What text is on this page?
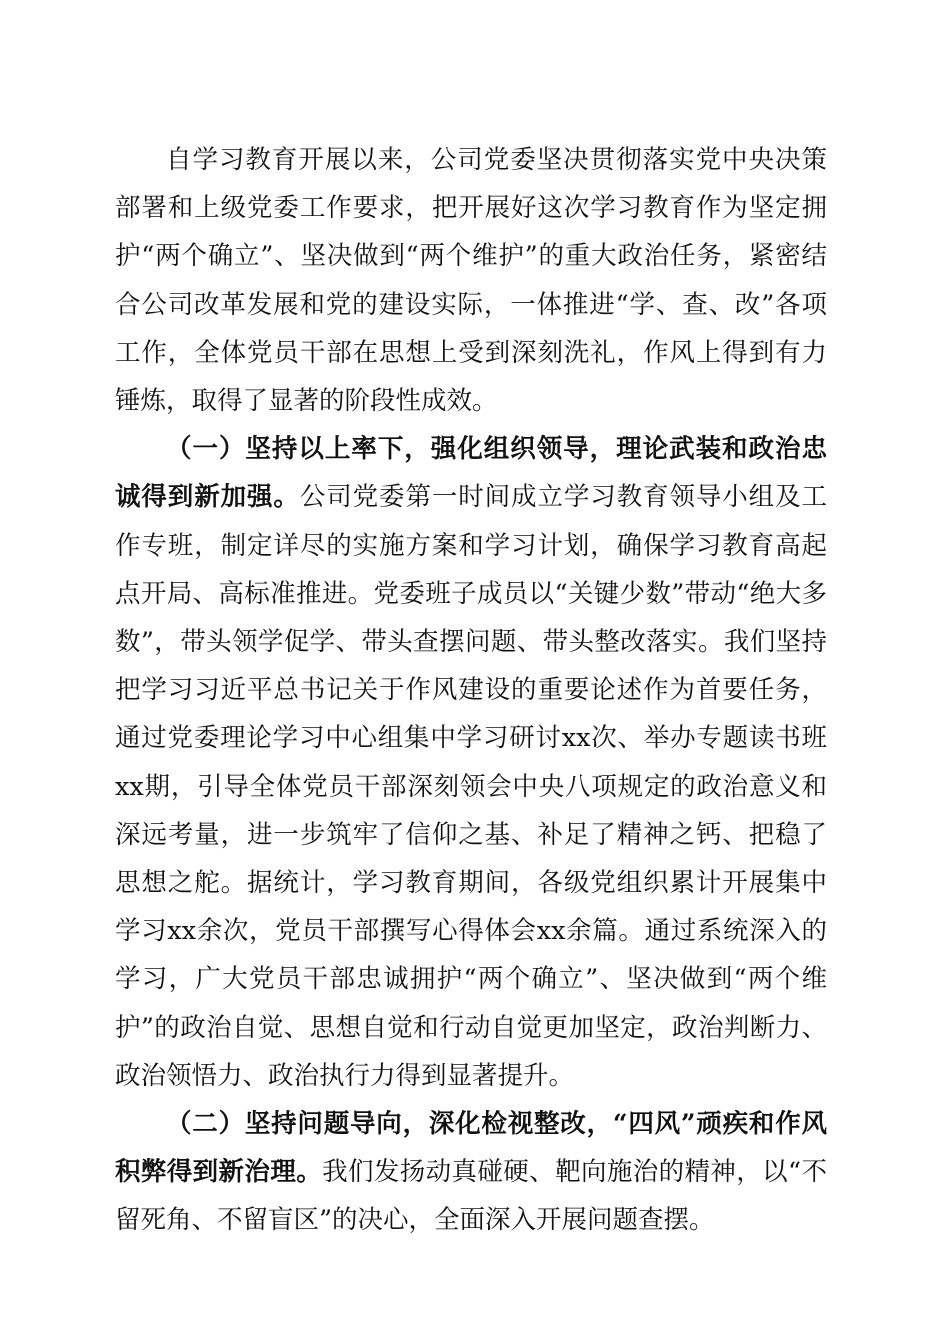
自学习教育开展以来，公司党委坚决贯彻落实党中央决策部署和上级党委工作要求，把开展好这次学习教育作为坚定拥护“两个确立”、坚决做到“两个维护”的重大政治任务，紧密结合公司改革发展和党的建设实际，一体推进“学、查、改”各项工作，全体党员干部在思想上受到深刻洗礼，作风上得到有力锤炼，取得了显著的阶段性成效。

（一）坚持以上率下，强化组织领导，理论武装和政治忠诚得到新加强。公司党委第一时间成立学习教育领导小组及工作专班，制定详尽的实施方案和学习计划，确保学习教育高起点开局、高标准推进。党委班子成员以“关键少数”带动“绝大多数”，带头领学促学、带头查摆问题、带头整改落实。我们坚持把学习习近平总书记关于作风建设的重要论述作为首要任务，通过党委理论学习中心组集中学习研讨xx次、举办专题读书班xx期，引导全体党员干部深刻领会中央八项规定的政治意义和深远考量，进一步筑牢了信仰之基、补足了精神之钙、把稳了思想之舵。据统计，学习教育期间，各级党组织累计开展集中学习xx余次，党员干部撰写心得体会xx余篇。通过系统深入的学习，广大党员干部忠诚拥护“两个确立”、坚决做到“两个维护”的政治自觉、思想自觉和行动自觉更加坚定，政治判断力、政治领悟力、政治执行力得到显著提升。

（二）坚持问题导向，深化检视整改，“四风”顽疾和作风积弊得到新治理。我们发扬动真碰硬、靶向施治的精神，以“不留死角、不留盲区”的决心，全面深入开展问题查摆。
